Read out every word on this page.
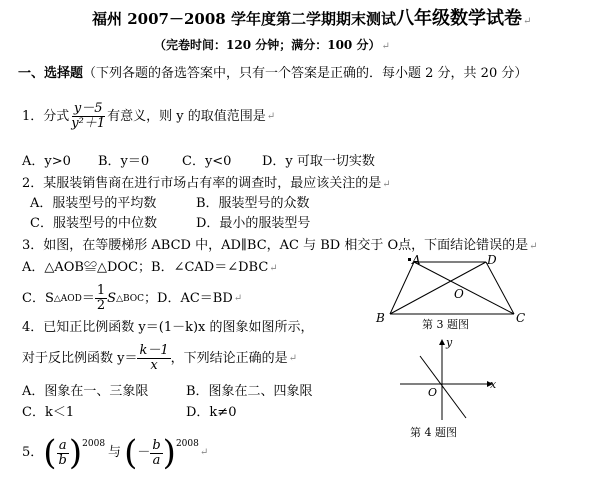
福州 2007－2008 学年度第二学期期末测试八年级数学试卷↵
（完卷时间：120 分钟；满分：100 分）↵
一、选择题（下列各题的备选答案中，只有一个答案是正确的．每小题 2 分，共 20 分）
1．分式 $\frac{y-5}{\text{y²＋1}}$ 有意义，则 y 的取值范围是 ↵
A．y>0 B．y＝0	C．y<0 D．y 可取一切实数
2．某服装销售商在进行市场占有率的调查时，最应该关注的是↵
A．服装型号的平均数	B．服装型号的众数
C．服装型号的中位数	D．最小的服装型号
3．如图，在等腰梯形 ABCD 中，AD∥BC，AC 与 BD 相交于 O点，下面结论错误的是↵
A．△AOB≌△DOC；B．∠CAD＝∠DBC↵
C．S △AOD ＝ $\frac{1}{2}$ S △BOC ；D．AC＝BD ↵
A	D
O
B	C
第 3 题图
4．已知正比例函数 y＝(1－k)x 的图象如图所示，
对于反比例函数 $y= \frac{k-1}{x}$ ，下列结论正确的是 ↵
A．图象在一、三象限	B．图象在二、四象限
C．k＜1	D．k≠0
x
y
O
第 4 题图
5． ( $\frac{a}{b} )^{2008}$
与 ( － $\frac{b}{a} )^{2008}$
↵
